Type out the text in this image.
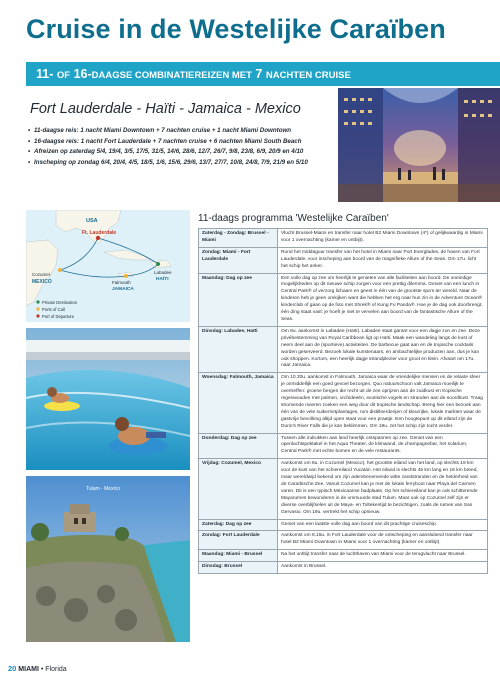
Cruise in de Westelijke Caraïben
11- OF 16-DAAGSE COMBINATIEREIZEN MET 7 NACHTEN CRUISE
Fort Lauderdale - Haïti - Jamaica - Mexico
• 11-daagse reis: 1 nacht Miami Downtown + 7 nachten cruise + 1 nacht Miami Downtown
• 16-daagse reis: 1 nacht Fort Lauderdale + 7 nachten cruise + 6 nachten Miami South Beach
• Afreizen op zaterdag 5/4, 19/4, 3/5, 17/5, 31/5, 14/6, 28/6, 12/7, 26/7, 9/8, 23/8, 6/9, 20/9 en 4/10
• Inscheping op zondag 6/4, 20/4, 4/5, 18/5, 1/6, 15/6, 29/6, 13/7, 27/7, 10/8, 24/8, 7/9, 21/9 en 5/10
USA
Ft. Lauderdale
Cozumel
MEXICO
Labadee
HAÏTI
Falmouth
JAMAICA
Private Destination
Ports of Call
Port of Departure
Tulum - Mexico
11-daags programma 'Westelijke Caraïben'
Zaterdag - Zondag: Brussel - Miami	Vlucht Brussel-Miami en transfer naar hotel B2 Miami Downtown (4*) of gelijkwaardig in Miami voor 1 overnachting (kamer en ontbijt).
Zondag: Miami - Fort Lauderdale	Rond het middaguur transfer van het hotel in Miami naar Port Everglades, de haven van Fort Lauderdale, voor inscheping aan boord van de magnifieke Allure of the Seas. Om 17u. licht het schip het anker.
Maandag: Dag op zee	Een volle dag op zee om heerlijk te genieten van alle faciliteiten aan boord. De oneindige mogelijkheden op dit nieuwe schip zorgen voor een prettig dilemma. Geniet van een lunch in Central Park® of verzorg lichaam en geest in één van de grootste spa's ter wereld. Naar de kinderen heb je geen omkijken want die hebben het erg naar hun zin in de Adventure Ocean® kinderclub of gaan op de foto met Shrek® of Kung Fu Panda®. Hoe je de dag ook doorbrengt, één ding staat vast: je hoeft je niet te vervelen aan boord van de fantastische Allure of the Seas.
Dinsdag: Labadee, Haïti	Om 8u. aankomst in Labadee (Haïti). Labadee staat garant voor een dagje zon en zee. Deze privébestemming van Royal Caribbean ligt op Haïti. Maak een wandeling langs de kust of neem deel aan de (sportieve) activiteiten. De barbecue gaat aan en de tropische cocktails worden geserveerd. Bezoek lokale kunstenaars, en ambachtelijke producten aan, dus je kan ook shoppen. Kortom, een heerlijk dagje strandplezier voor groot en klein. Afvaart om 17u. naar Jamaica.
Woensdag: Falmouth, Jamaica	Om 10.30u. aankomst in Falmouth, Jamaica waar de vriendelijke mensen en de relaxte sfeer je onmiddellijk een goed gevoel bezorgen. Quo natuurschoon valt Jamaica moeilijk te overtreffen: groene bergen die recht uit de zee oprijzen aan de zuidkust en tropische regenwouden met palmen, orchideeën, exotische vogels en stranden aan de noordkust. Traag stromende rivieren zoeken een weg door dit tropische landschap. Breng hier een bezoek aan één van de vele suikerrietplantages, rum distilleerderijen of kleurrijke, lokale markten waar de gastvrije bevolking altijd open staat voor een praatje. Een hoogtepunt op dit eiland zijn de Dunn's River Falls die je kan beklimmen. Om 19u. zet het schip zijn tocht verder.
Donderdag: Dag op zee	Tussen alle indrukken aan land heerlijk ontspannen op zee. Geniet van een openluchtspektakel in het Aqua Theater, de klimwand, de champagnebar, het solarium, Central Park® met echte bomen en de vele restaurants.
Vrijdag: Cozumel, Mexico	Aankomst om 8u. in Cozumel (Mexico), het grootste eiland van het land, op slechts 19 km voor de kust van het schiereiland Yucatán. Het eiland is slechts 45 km lang en 16 km breed, maar wereldwijd bekend om zijn adembenemende witte zandstranden en de helderheid van de Caraïbische Zee. Vanuit Cozumel kan je met de lokale ferryboot naar Playa del Carmen varen. Dit is een typisch Mexicaanse badplaats. Op het schiereiland kan je ook schitterende Mayaruïnes bewonderen in de ommuurde stad Tulum. Maar ook op Cozumel zelf zijn er diverse overblijfselen uit de Maya- en Toltekentijd te bezichtigen, zoals de ruïnes van San Gervasio. Om 19u. vertrekt het schip opnieuw.
Zaterdag: Dag op zee	Geniet van een laatste volle dag aan boord van dit prachtige cruiseschip.
Zondag: Fort Lauderdale	Aankomst om 6.15u. in Fort Lauderdale voor de ontscheping en aansluitend transfer naar hotel B2 Miami Downtown in Miami voor 1 overnachting (kamer en ontbijt).
Maandag: Miami - Brussel	Na het ontbijt transfer naar de luchthaven van Miami voor de terugvlucht naar Brussel.
Dinsdag: Brussel	Aankomst in Brussel.
20 MIAMI • Florida
